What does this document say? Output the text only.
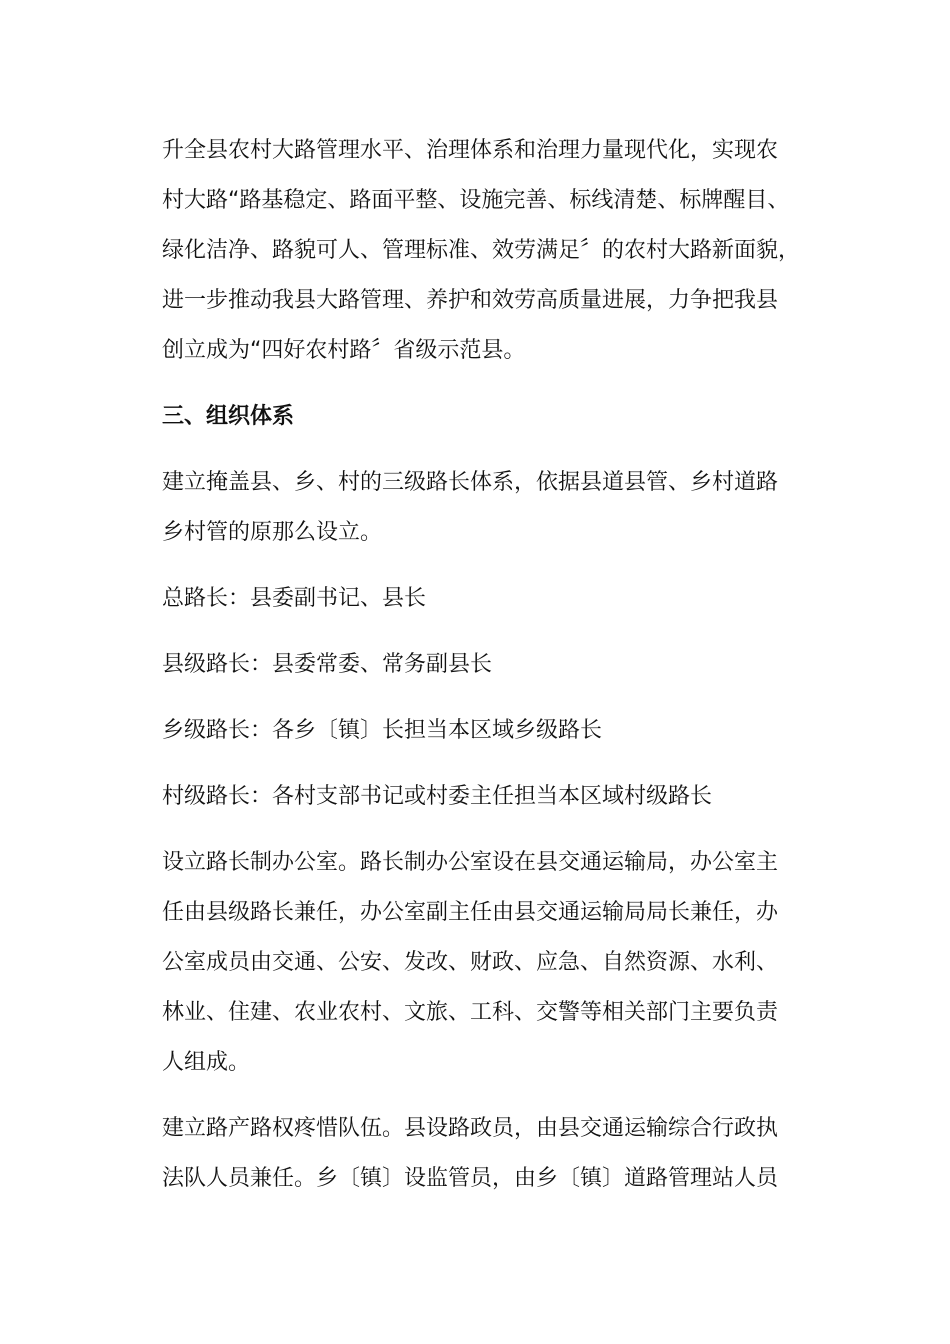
升全县农村大路管理水平、治理体系和治理力量现代化，实现农
村大路“路基稳定、路面平整、设施完善、标线清楚、标牌醒目、
绿化洁净、路貌可人、管理标准、效劳满足〞的农村大路新面貌，
进一步推动我县大路管理、养护和效劳高质量进展，力争把我县
创立成为“四好农村路〞省级示范县。
三、组织体系
建立掩盖县、乡、村的三级路长体系，依据县道县管、乡村道路
乡村管的原那么设立。
总路长：县委副书记、县长
县级路长：县委常委、常务副县长
乡级路长：各乡〔镇〕长担当本区域乡级路长
村级路长：各村支部书记或村委主任担当本区域村级路长
设立路长制办公室。路长制办公室设在县交通运输局，办公室主
任由县级路长兼任，办公室副主任由县交通运输局局长兼任，办
公室成员由交通、公安、发改、财政、应急、自然资源、水利、
林业、住建、农业农村、文旅、工科、交警等相关部门主要负责
人组成。
建立路产路权疼惜队伍。县设路政员，由县交通运输综合行政执
法队人员兼任。乡〔镇〕设监管员，由乡〔镇〕道路管理站人员
